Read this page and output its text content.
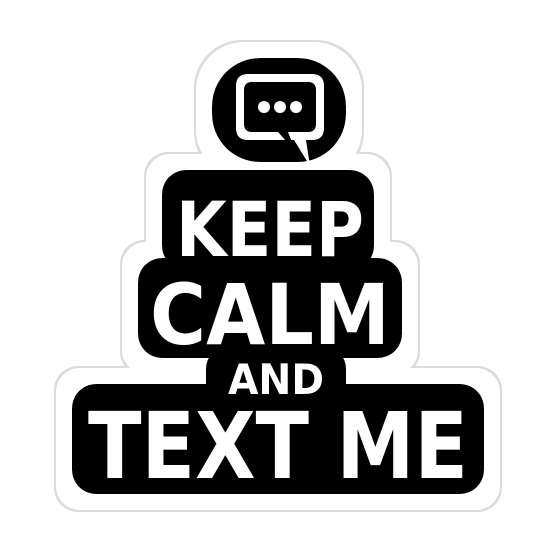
KEEP
CALM
AND
TEXT ME
